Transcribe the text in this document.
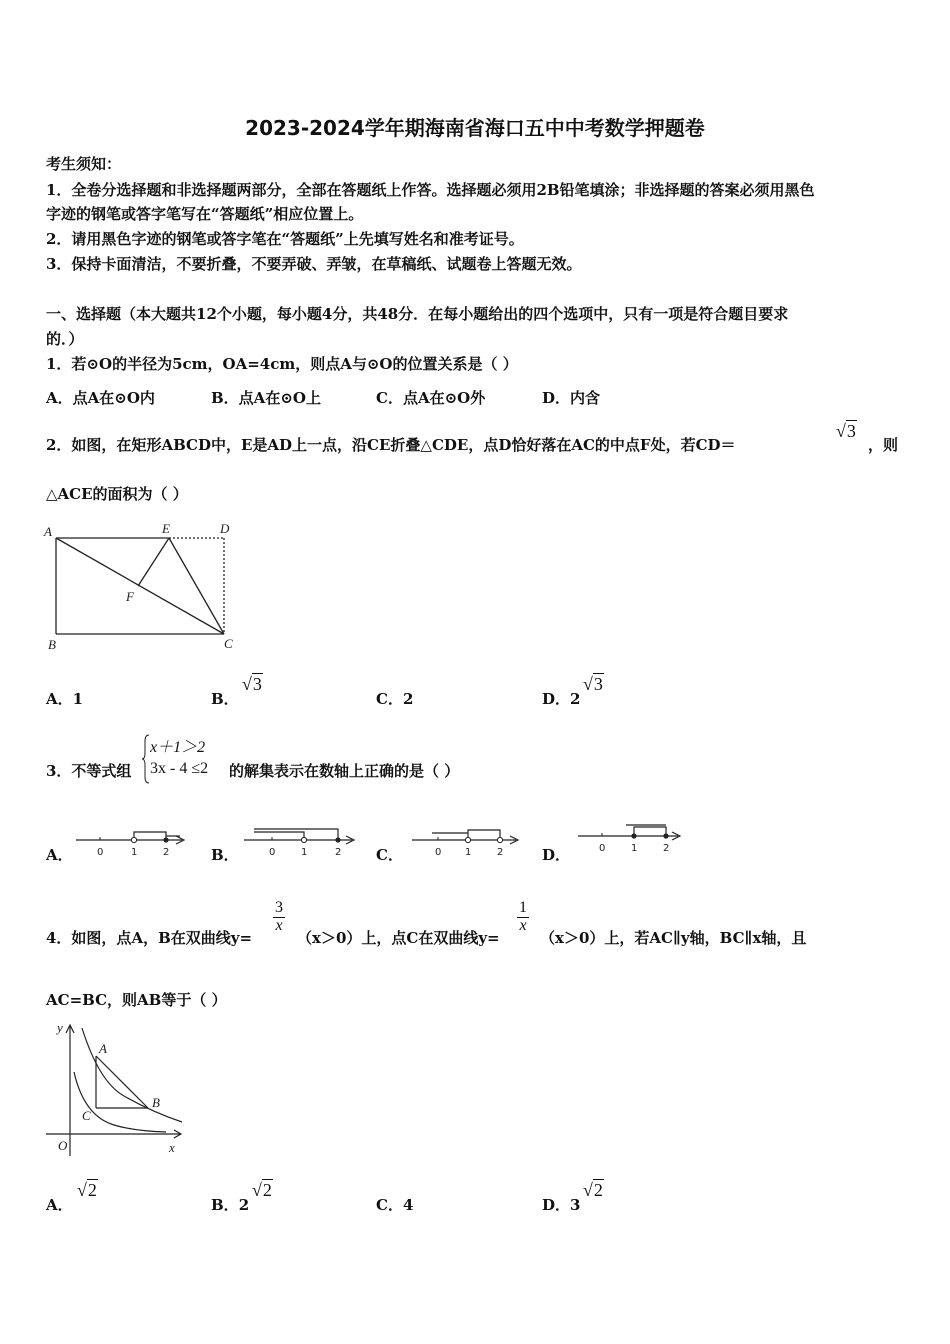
2023-2024学年期海南省海口五中中考数学押题卷
考生须知：
1．全卷分选择题和非选择题两部分，全部在答题纸上作答。选择题必须用2B铅笔填涂；非选择题的答案必须用黑色
字迹的钢笔或答字笔写在“答题纸”相应位置上。
2．请用黑色字迹的钢笔或答字笔在“答题纸”上先填写姓名和准考证号。
3．保持卡面清洁，不要折叠，不要弄破、弄皱，在草稿纸、试题卷上答题无效。
一、选择题（本大题共12个小题，每小题4分，共48分．在每小题给出的四个选项中，只有一项是符合题目要求
的．）
1．若⊙O的半径为5cm，OA=4cm，则点A与⊙O的位置关系是（ ）
A．点A在⊙O内	B．点A在⊙O上	C．点A在⊙O外	D．内含
2．如图，在矩形ABCD中，E是AD上一点，沿CE折叠△CDE，点D恰好落在AC的中点F处，若CD＝
√3
，则
△ACE的面积为（ ）
A	E	D
F
B	C
A．1	B．
√3
C．2	D．2
√3
3．不等式组
x＋1＞2
3x - 4 ≤2 的解集表示在数轴上正确的是（ ）
A． 0	1	2	B．	0	1	2 C．	0 1	2	D．	0	1	2
4．如图，点A，B在双曲线y=
$\frac{3}{x}$
（x＞0）上，点C在双曲线y=
$\frac{1}{x}$
（x＞0）上，若AC∥y轴，BC∥x轴，且
AC=BC，则AB等于（ ）
y
A
C
B
O	x
A．
√2
B．2
√2
C．4	D．3
√2
